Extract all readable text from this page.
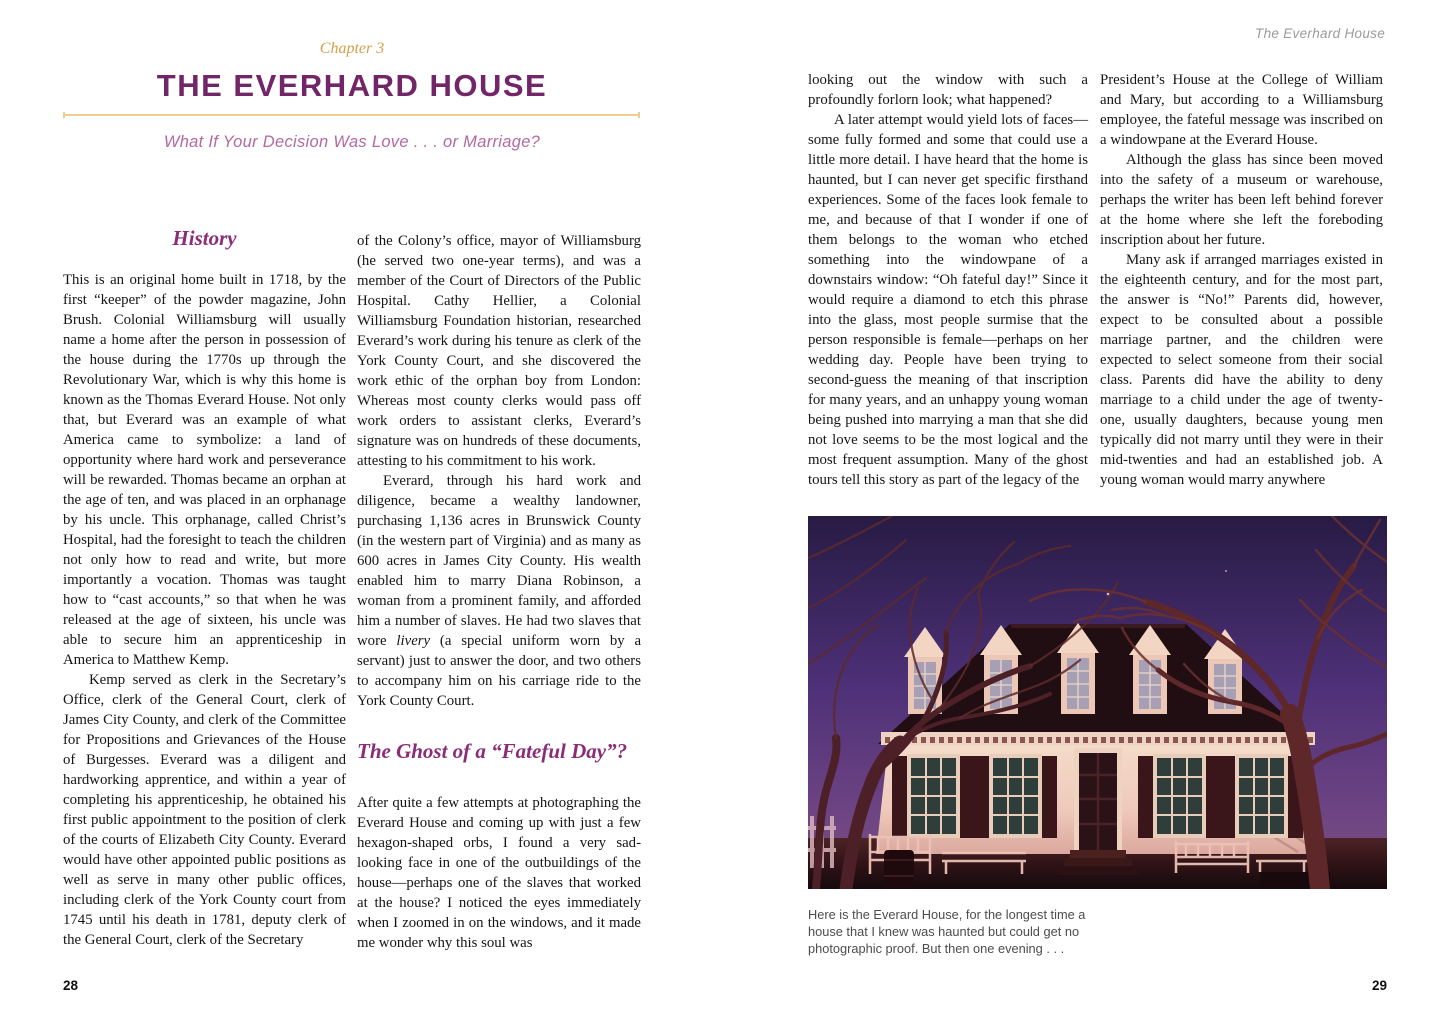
Chapter 3
THE EVERHARD HOUSE
What If Your Decision Was Love . . . or Marriage?
History

This is an original home built in 1718, by the first “keeper” of the powder magazine, John Brush. Colonial Williamsburg will usually name a home after the person in possession of the house during the 1770s up through the Revolutionary War, which is why this home is known as the Thomas Everard House. Not only that, but Everard was an example of what America came to symbolize: a land of opportunity where hard work and perseverance will be rewarded. Thomas became an orphan at the age of ten, and was placed in an orphanage by his uncle. This orphanage, called Christ’s Hospital, had the foresight to teach the children not only how to read and write, but more importantly a vocation. Thomas was taught how to “cast accounts,” so that when he was released at the age of sixteen, his uncle was able to secure him an apprenticeship in America to Matthew Kemp.

Kemp served as clerk in the Secretary’s Office, clerk of the General Court, clerk of James City County, and clerk of the Committee for Propositions and Grievances of the House of Burgesses. Everard was a diligent and hardworking apprentice, and within a year of completing his apprenticeship, he obtained his first public appointment to the position of clerk of the courts of Elizabeth City County. Everard would have other appointed public positions as well as serve in many other public offices, including clerk of the York County court from 1745 until his death in 1781, deputy clerk of the General Court, clerk of the Secretary

of the Colony’s office, mayor of Williamsburg (he served two one-year terms), and was a member of the Court of Directors of the Public Hospital. Cathy Hellier, a Colonial Williamsburg Foundation historian, researched Everard’s work during his tenure as clerk of the York County Court, and she discovered the work ethic of the orphan boy from London: Whereas most county clerks would pass off work orders to assistant clerks, Everard’s signature was on hundreds of these documents, attesting to his commitment to his work.

Everard, through his hard work and diligence, became a wealthy landowner, purchasing 1,136 acres in Brunswick County (in the western part of Virginia) and as many as 600 acres in James City County. His wealth enabled him to marry Diana Robinson, a woman from a prominent family, and afforded him a number of slaves. He had two slaves that wore livery (a special uniform worn by a servant) just to answer the door, and two others to accompany him on his carriage ride to the York County Court.

The Ghost of a “Fateful Day”?

After quite a few attempts at photographing the Everard House and coming up with just a few hexagon-shaped orbs, I found a very sad-looking face in one of the outbuildings of the house—perhaps one of the slaves that worked at the house? I noticed the eyes immediately when I zoomed in on the windows, and it made me wonder why this soul was

28
The Everhard House

looking out the window with such a profoundly forlorn look; what happened?

A later attempt would yield lots of faces—some fully formed and some that could use a little more detail. I have heard that the home is haunted, but I can never get specific firsthand experiences. Some of the faces look female to me, and because of that I wonder if one of them belongs to the woman who etched something into the windowpane of a downstairs window: “Oh fateful day!” Since it would require a diamond to etch this phrase into the glass, most people surmise that the person responsible is female—perhaps on her wedding day. People have been trying to second-guess the meaning of that inscription for many years, and an unhappy young woman being pushed into marrying a man that she did not love seems to be the most logical and the most frequent assumption. Many of the ghost tours tell this story as part of the legacy of the

President’s House at the College of William and Mary, but according to a Williamsburg employee, the fateful message was inscribed on a windowpane at the Everard House.

Although the glass has since been moved into the safety of a museum or warehouse, perhaps the writer has been left behind forever at the home where she left the foreboding inscription about her future.

Many ask if arranged marriages existed in the eighteenth century, and for the most part, the answer is “No!” Parents did, however, expect to be consulted about a possible marriage partner, and the children were expected to select someone from their social class. Parents did have the ability to deny marriage to a child under the age of twenty-one, usually daughters, because young men typically did not marry until they were in their mid-twenties and had an established job. A young woman would marry anywhere

Here is the Everard House, for the longest time a house that I knew was haunted but could get no photographic proof. But then one evening . . .
29
